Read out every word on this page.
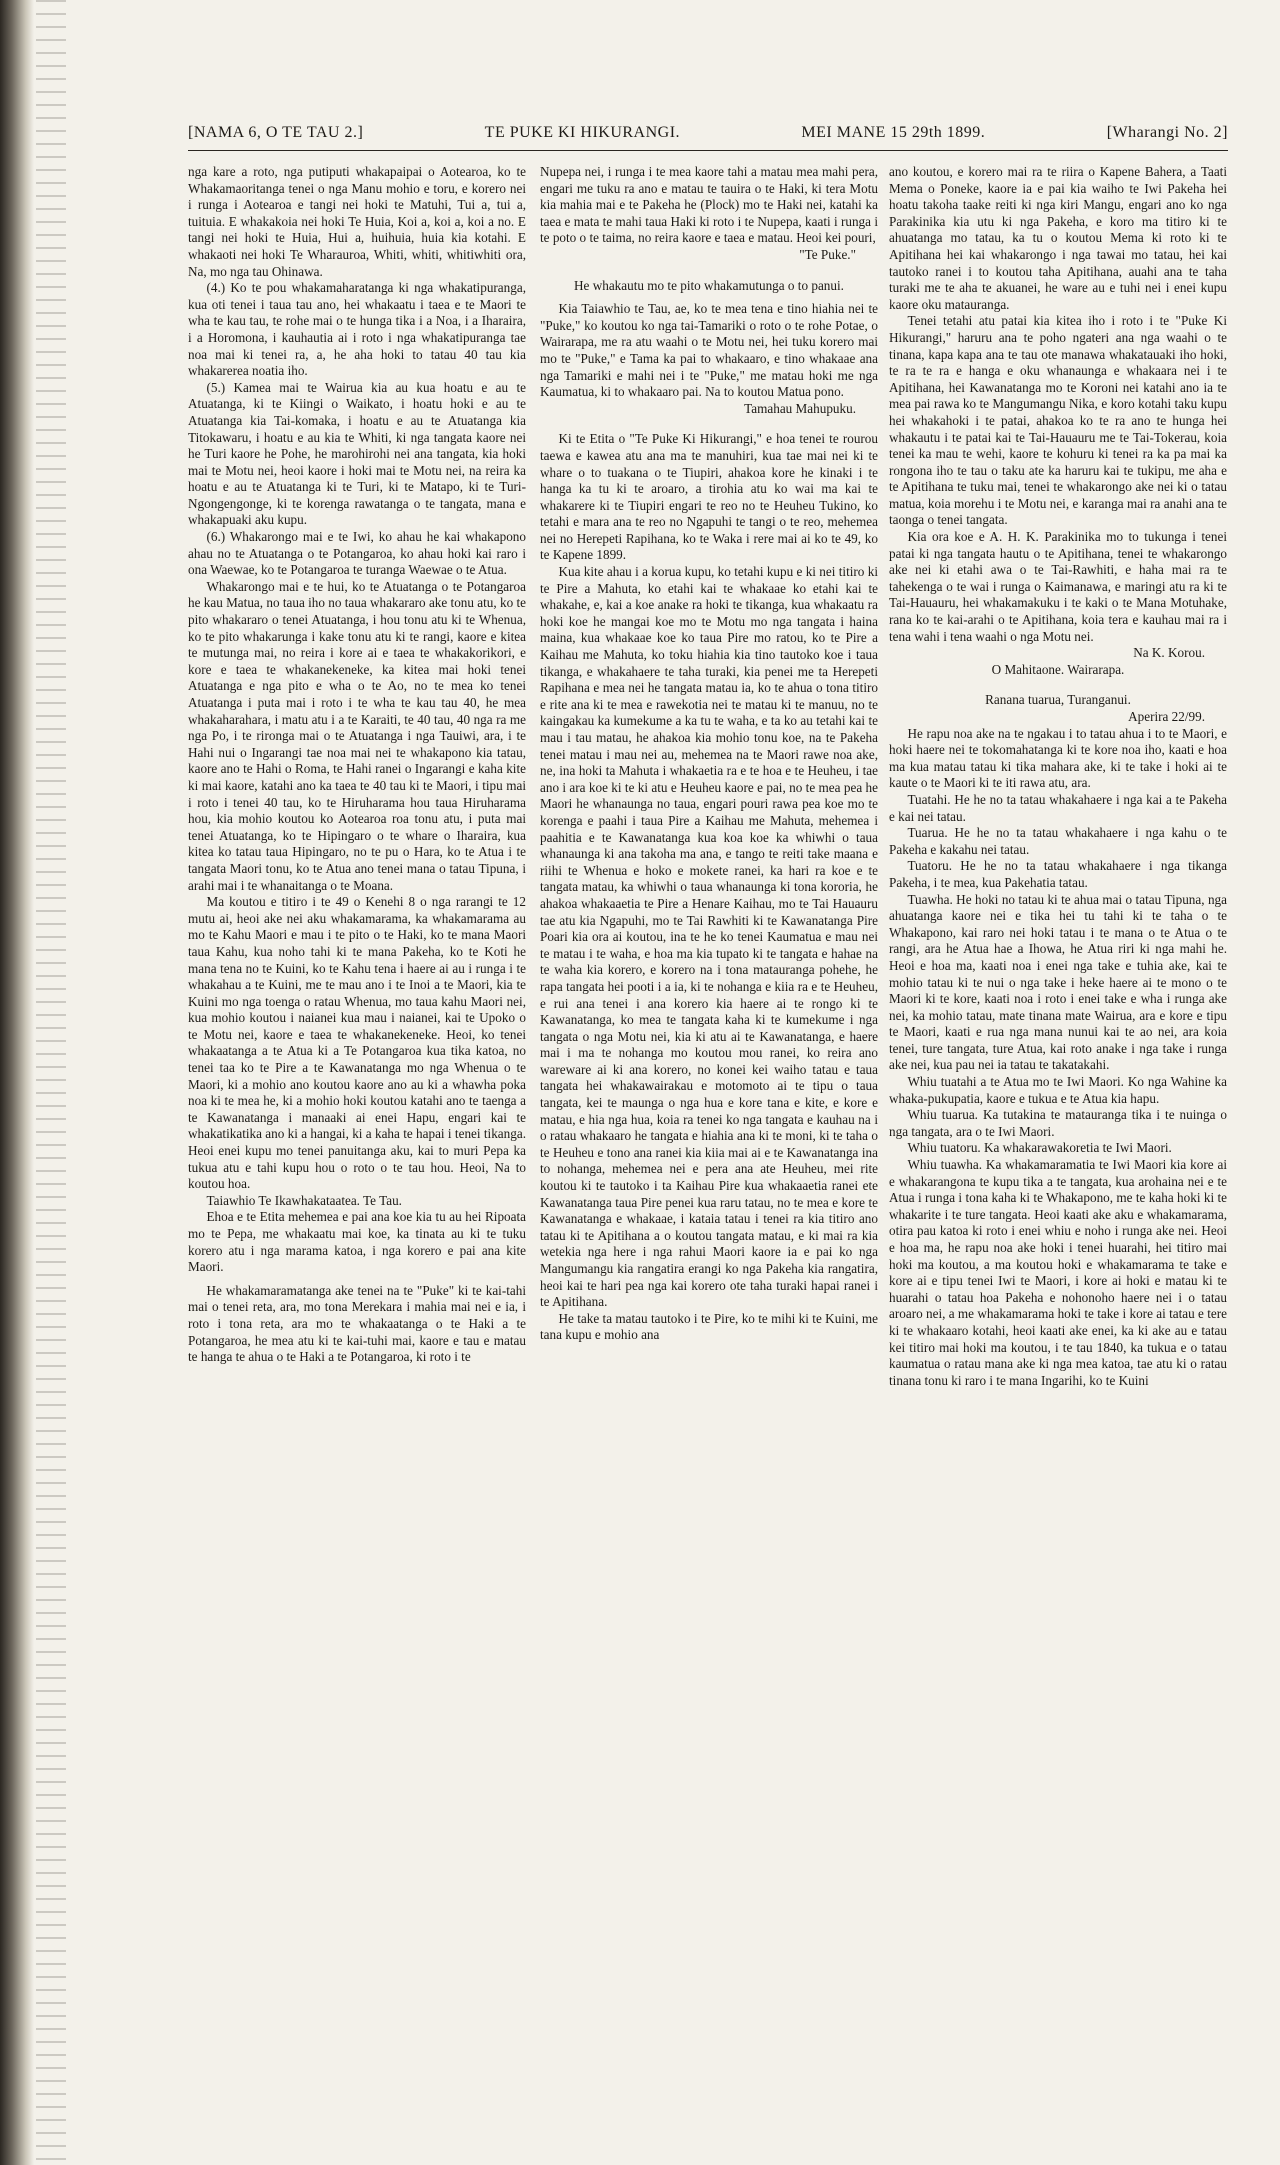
[NAMA 6, O TE TAU 2.]	TE PUKE KI HIKURANGI.	MEI MANE 15 29th 1899.	[Wharangi No. 2]

nga kare a roto, nga putiputi whakapaipai o Aotearoa, ko te Whakamaoritanga tenei o nga Manu mohio e toru, e korero nei i runga i Aotearoa e tangi nei hoki te Matuhi, Tui a, tui a, tuituia. E whakakoia nei hoki Te Huia, Koi a, koi a, koi a no. E tangi nei hoki te Huia, Hui a, huihuia, huia kia kotahi. E whakaoti nei hoki Te Wharauroa, Whiti, whiti, whitiwhiti ora, Na, mo nga tau Ohinawa.

(4.) Ko te pou whakamaharatanga ki nga whakatipuranga, kua oti tenei i taua tau ano, hei whakaatu i taea e te Maori te wha te kau tau, te rohe mai o te hunga tika i a Noa, i a Iharaira, i a Horomona, i kauhautia ai i roto i nga whakatipuranga tae noa mai ki tenei ra, a, he aha hoki to tatau 40 tau kia whakarerea noatia iho.

(5.) Kamea mai te Wairua kia au kua hoatu e au te Atuatanga, ki te Kiingi o Waikato, i hoatu hoki e au te Atuatanga kia Tai-komaka, i hoatu e au te Atuatanga kia Titokawaru, i hoatu e au kia te Whiti, ki nga tangata kaore nei he Turi kaore he Pohe, he marohirohi nei ana tangata, kia hoki mai te Motu nei, heoi kaore i hoki mai te Motu nei, na reira ka hoatu e au te Atuatanga ki te Turi, ki te Matapo, ki te Turi-Ngongengonge, ki te korenga rawatanga o te tangata, mana e whakapuaki aku kupu.

(6.) Whakarongo mai e te Iwi, ko ahau he kai whakapono ahau no te Atuatanga o te Potangaroa, ko ahau hoki kai raro i ona Waewae, ko te Potangaroa te turanga Waewae o te Atua.

Whakarongo mai e te hui, ko te Atuatanga o te Potangaroa he kau Matua, no taua iho no taua whakararo ake tonu atu, ko te pito whakararo o tenei Atuatanga, i hou tonu atu ki te Whenua, ko te pito whakarunga i kake tonu atu ki te rangi, kaore e kitea te mutunga mai, no reira i kore ai e taea te whakakorikori, e kore e taea te whakanekeneke, ka kitea mai hoki tenei Atuatanga e nga pito e wha o te Ao, no te mea ko tenei Atuatanga i puta mai i roto i te wha te kau tau 40, he mea whakaharahara, i matu atu i a te Karaiti, te 40 tau, 40 nga ra me nga Po, i te rironga mai o te Atuatanga i nga Tauiwi, ara, i te Hahi nui o Ingarangi tae noa mai nei te whakapono kia tatau, kaore ano te Hahi o Roma, te Hahi ranei o Ingarangi e kaha kite ki mai kaore, katahi ano ka taea te 40 tau ki te Maori, i tipu mai i roto i tenei 40 tau, ko te Hiruharama hou taua Hiruharama hou, kia mohio koutou ko Aotearoa roa tonu atu, i puta mai tenei Atuatanga, ko te Hipingaro o te whare o Iharaira, kua kitea ko tatau taua Hipingaro, no te pu o Hara, ko te Atua i te tangata Maori tonu, ko te Atua ano tenei mana o tatau Tipuna, i arahi mai i te whanaitanga o te Moana.

Ma koutou e titiro i te 49 o Kenehi 8 o nga rarangi te 12 mutu ai, heoi ake nei aku whakamarama, ka whakamarama au mo te Kahu Maori e mau i te pito o te Haki, ko te mana Maori taua Kahu, kua noho tahi ki te mana Pakeha, ko te Koti he mana tena no te Kuini, ko te Kahu tena i haere ai au i runga i te whakahau a te Kuini, me te mau ano i te Inoi a te Maori, kia te Kuini mo nga toenga o ratau Whenua, mo taua kahu Maori nei, kua mohio koutou i naianei kua mau i naianei, kai te Upoko o te Motu nei, kaore e taea te whakanekeneke. Heoi, ko tenei whakaatanga a te Atua ki a Te Potangaroa kua tika katoa, no tenei taa ko te Pire a te Kawanatanga mo nga Whenua o te Maori, ki a mohio ano koutou kaore ano au ki a whawha poka noa ki te mea he, ki a mohio hoki koutou katahi ano te taenga a te Kawanatanga i manaaki ai enei Hapu, engari kai te whakatikatika ano ki a hangai, ki a kaha te hapai i tenei tikanga. Heoi enei kupu mo tenei panuitanga aku, kai to muri Pepa ka tukua atu e tahi kupu hou o roto o te tau hou. Heoi, Na to koutou hoa.

Taiawhio Te Ikawhakataatea. Te Tau.

Ehoa e te Etita mehemea e pai ana koe kia tu au hei Ripoata mo te Pepa, me whakaatu mai koe, ka tinata au ki te tuku korero atu i nga marama katoa, i nga korero e pai ana kite Maori.

He whakamaramatanga ake tenei na te "Puke" ki te kai-tahi mai o tenei reta, ara, mo tona Merekara i mahia mai nei e ia, i roto i tona reta, ara mo te whakaatanga o te Haki a te Potangaroa, he mea atu ki te kai-tuhi mai, kaore e tau e matau te hanga te ahua o te Haki a te Potangaroa, ki roto i te

Nupepa nei, i runga i te mea kaore tahi a matau mea mahi pera, engari me tuku ra ano e matau te tauira o te Haki, ki tera Motu kia mahia mai e te Pakeha he (Plock) mo te Haki nei, katahi ka taea e mata te mahi taua Haki ki roto i te Nupepa, kaati i runga i te poto o te taima, no reira kaore e taea e matau. Heoi kei pouri,

"Te Puke."

He whakautu mo te pito whakamutunga o to panui.

Kia Taiawhio te Tau, ae, ko te mea tena e tino hiahia nei te "Puke," ko koutou ko nga tai-Tamariki o roto o te rohe Potae, o Wairarapa, me ra atu waahi o te Motu nei, hei tuku korero mai mo te "Puke," e Tama ka pai to whakaaro, e tino whakaae ana nga Tamariki e mahi nei i te "Puke," me matau hoki me nga Kaumatua, ki to whakaaro pai. Na to koutou Matua pono.

Tamahau Mahupuku.

Ki te Etita o "Te Puke Ki Hikurangi," e hoa tenei te rourou taewa e kawea atu ana ma te manuhiri, kua tae mai nei ki te whare o to tuakana o te Tiupiri, ahakoa kore he kinaki i te hanga ka tu ki te aroaro, a tirohia atu ko wai ma kai te whakarere ki te Tiupiri engari te reo no te Heuheu Tukino, ko tetahi e mara ana te reo no Ngapuhi te tangi o te reo, mehemea nei no Herepeti Rapihana, ko te Waka i rere mai ai ko te 49, ko te Kapene 1899.

Kua kite ahau i a korua kupu, ko tetahi kupu e ki nei titiro ki te Pire a Mahuta, ko etahi kai te whakaae ko etahi kai te whakahe, e, kai a koe anake ra hoki te tikanga, kua whakaatu ra hoki koe he mangai koe mo te Motu mo nga tangata i haina maina, kua whakaae koe ko taua Pire mo ratou, ko te Pire a Kaihau me Mahuta, ko toku hiahia kia tino tautoko koe i taua tikanga, e whakahaere te taha turaki, kia penei me ta Herepeti Rapihana e mea nei he tangata matau ia, ko te ahua o tona titiro e rite ana ki te mea e rawekotia nei te matau ki te manuu, no te kaingakau ka kumekume a ka tu te waha, e ta ko au tetahi kai te mau i tau matau, he ahakoa kia mohio tonu koe, na te Pakeha tenei matau i mau nei au, mehemea na te Maori rawe noa ake, ne, ina hoki ta Mahuta i whakaetia ra e te hoa e te Heuheu, i tae ano i ara koe ki te ki atu e Heuheu kaore e pai, no te mea pea he Maori he whanaunga no taua, engari pouri rawa pea koe mo te korenga e paahi i taua Pire a Kaihau me Mahuta, mehemea i paahitia e te Kawanatanga kua koa koe ka whiwhi o taua whanaunga ki ana takoha ma ana, e tango te reiti take maana e riihi te Whenua e hoko e mokete ranei, ka hari ra koe e te tangata matau, ka whiwhi o taua whanaunga ki tona kororia, he ahakoa whakaaetia te Pire a Henare Kaihau, mo te Tai Hauauru tae atu kia Ngapuhi, mo te Tai Rawhiti ki te Kawanatanga Pire Poari kia ora ai koutou, ina te he ko tenei Kaumatua e mau nei te matau i te waha, e hoa ma kia tupato ki te tangata e hahae na te waha kia korero, e korero na i tona matauranga pohehe, he rapa tangata hei pooti i a ia, ki te nohanga e kiia ra e te Heuheu, e rui ana tenei i ana korero kia haere ai te rongo ki te Kawanatanga, ko mea te tangata kaha ki te kumekume i nga tangata o nga Motu nei, kia ki atu ai te Kawanatanga, e haere mai i ma te nohanga mo koutou mou ranei, ko reira ano wareware ai ki ana korero, no konei kei waiho tatau e taua tangata hei whakawairakau e motomoto ai te tipu o taua tangata, kei te maunga o nga hua e kore tana e kite, e kore e matau, e hia nga hua, koia ra tenei ko nga tangata e kauhau na i o ratau whakaaro he tangata e hiahia ana ki te moni, ki te taha o te Heuheu e tono ana ranei kia kiia mai ai e te Kawanatanga ina to nohanga, mehemea nei e pera ana ate Heuheu, mei rite koutou ki te tautoko i ta Kaihau Pire kua whakaaetia ranei ete Kawanatanga taua Pire penei kua raru tatau, no te mea e kore te Kawanatanga e whakaae, i kataia tatau i tenei ra kia titiro ano tatau ki te Apitihana a o koutou tangata matau, e ki mai ra kia wetekia nga here i nga rahui Maori kaore ia e pai ko nga Mangumangu kia rangatira erangi ko nga Pakeha kia rangatira, heoi kai te hari pea nga kai korero ote taha turaki hapai ranei i te Apitihana.

He take ta matau tautoko i te Pire, ko te mihi ki te Kuini, me tana kupu e mohio ana

ano koutou, e korero mai ra te riira o Kapene Bahera, a Taati Mema o Poneke, kaore ia e pai kia waiho te Iwi Pakeha hei hoatu takoha taake reiti ki nga kiri Mangu, engari ano ko nga Parakinika kia utu ki nga Pakeha, e koro ma titiro ki te ahuatanga mo tatau, ka tu o koutou Mema ki roto ki te Apitihana hei kai whakarongo i nga tawai mo tatau, hei kai tautoko ranei i to koutou taha Apitihana, auahi ana te taha turaki me te aha te akuanei, he ware au e tuhi nei i enei kupu kaore oku matauranga.

Tenei tetahi atu patai kia kitea iho i roto i te "Puke Ki Hikurangi," haruru ana te poho ngateri ana nga waahi o te tinana, kapa kapa ana te tau ote manawa whakatauaki iho hoki, te ra te ra e hanga e oku whanaunga e whakaara nei i te Apitihana, hei Kawanatanga mo te Koroni nei katahi ano ia te mea pai rawa ko te Mangumangu Nika, e koro kotahi taku kupu hei whakahoki i te patai, ahakoa ko te ra ano te hunga hei whakautu i te patai kai te Tai-Hauauru me te Tai-Tokerau, koia tenei ka mau te wehi, kaore te kohuru ki tenei ra ka pa mai ka rongona iho te tau o taku ate ka haruru kai te tukipu, me aha e te Apitihana te tuku mai, tenei te whakarongo ake nei ki o tatau matua, koia morehu i te Motu nei, e karanga mai ra anahi ana te taonga o tenei tangata.

Kia ora koe e A. H. K. Parakinika mo to tukunga i tenei patai ki nga tangata hautu o te Apitihana, tenei te whakarongo ake nei ki etahi awa o te Tai-Rawhiti, e haha mai ra te tahekenga o te wai i runga o Kaimanawa, e maringi atu ra ki te Tai-Hauauru, hei whakamakuku i te kaki o te Mana Motuhake, rana ko te kai-arahi o te Apitihana, koia tera e kauhau mai ra i tena wahi i tena waahi o nga Motu nei.

Na K. Korou.

O Mahitaone. Wairarapa.

Ranana tuarua, Turanganui.

Aperira 22/99.

He rapu noa ake na te ngakau i to tatau ahua i to te Maori, e hoki haere nei te tokomahatanga ki te kore noa iho, kaati e hoa ma kua matau tatau ki tika mahara ake, ki te take i hoki ai te kaute o te Maori ki te iti rawa atu, ara.

Tuatahi. He he no ta tatau whakahaere i nga kai a te Pakeha e kai nei tatau.

Tuarua. He he no ta tatau whakahaere i nga kahu o te Pakeha e kakahu nei tatau.

Tuatoru. He he no ta tatau whakahaere i nga tikanga Pakeha, i te mea, kua Pakehatia tatau.

Tuawha. He hoki no tatau ki te ahua mai o tatau Tipuna, nga ahuatanga kaore nei e tika hei tu tahi ki te taha o te Whakapono, kai raro nei hoki tatau i te mana o te Atua o te rangi, ara he Atua hae a Ihowa, he Atua riri ki nga mahi he. Heoi e hoa ma, kaati noa i enei nga take e tuhia ake, kai te mohio tatau ki te nui o nga take i heke haere ai te mono o te Maori ki te kore, kaati noa i roto i enei take e wha i runga ake nei, ka mohio tatau, mate tinana mate Wairua, ara e kore e tipu te Maori, kaati e rua nga mana nunui kai te ao nei, ara koia tenei, ture tangata, ture Atua, kai roto anake i nga take i runga ake nei, kua pau nei ia tatau te takatakahi.

Whiu tuatahi a te Atua mo te Iwi Maori. Ko nga Wahine ka whaka-pukupatia, kaore e tukua e te Atua kia hapu.

Whiu tuarua. Ka tutakina te matauranga tika i te nuinga o nga tangata, ara o te Iwi Maori.

Whiu tuatoru. Ka whakarawakoretia te Iwi Maori.

Whiu tuawha. Ka whakamaramatia te Iwi Maori kia kore ai e whakarangona te kupu tika a te tangata, kua arohaina nei e te Atua i runga i tona kaha ki te Whakapono, me te kaha hoki ki te whakarite i te ture tangata. Heoi kaati ake aku e whakamarama, otira pau katoa ki roto i enei whiu e noho i runga ake nei. Heoi e hoa ma, he rapu noa ake hoki i tenei huarahi, hei titiro mai hoki ma koutou, a ma koutou hoki e whakamarama te take e kore ai e tipu tenei Iwi te Maori, i kore ai hoki e matau ki te huarahi o tatau hoa Pakeha e nohonoho haere nei i o tatau aroaro nei, a me whakamarama hoki te take i kore ai tatau e tere ki te whakaaro kotahi, heoi kaati ake enei, ka ki ake au e tatau kei titiro mai hoki ma koutou, i te tau 1840, ka tukua e o tatau kaumatua o ratau mana ake ki nga mea katoa, tae atu ki o ratau tinana tonu ki raro i te mana Ingarihi, ko te Kuini
